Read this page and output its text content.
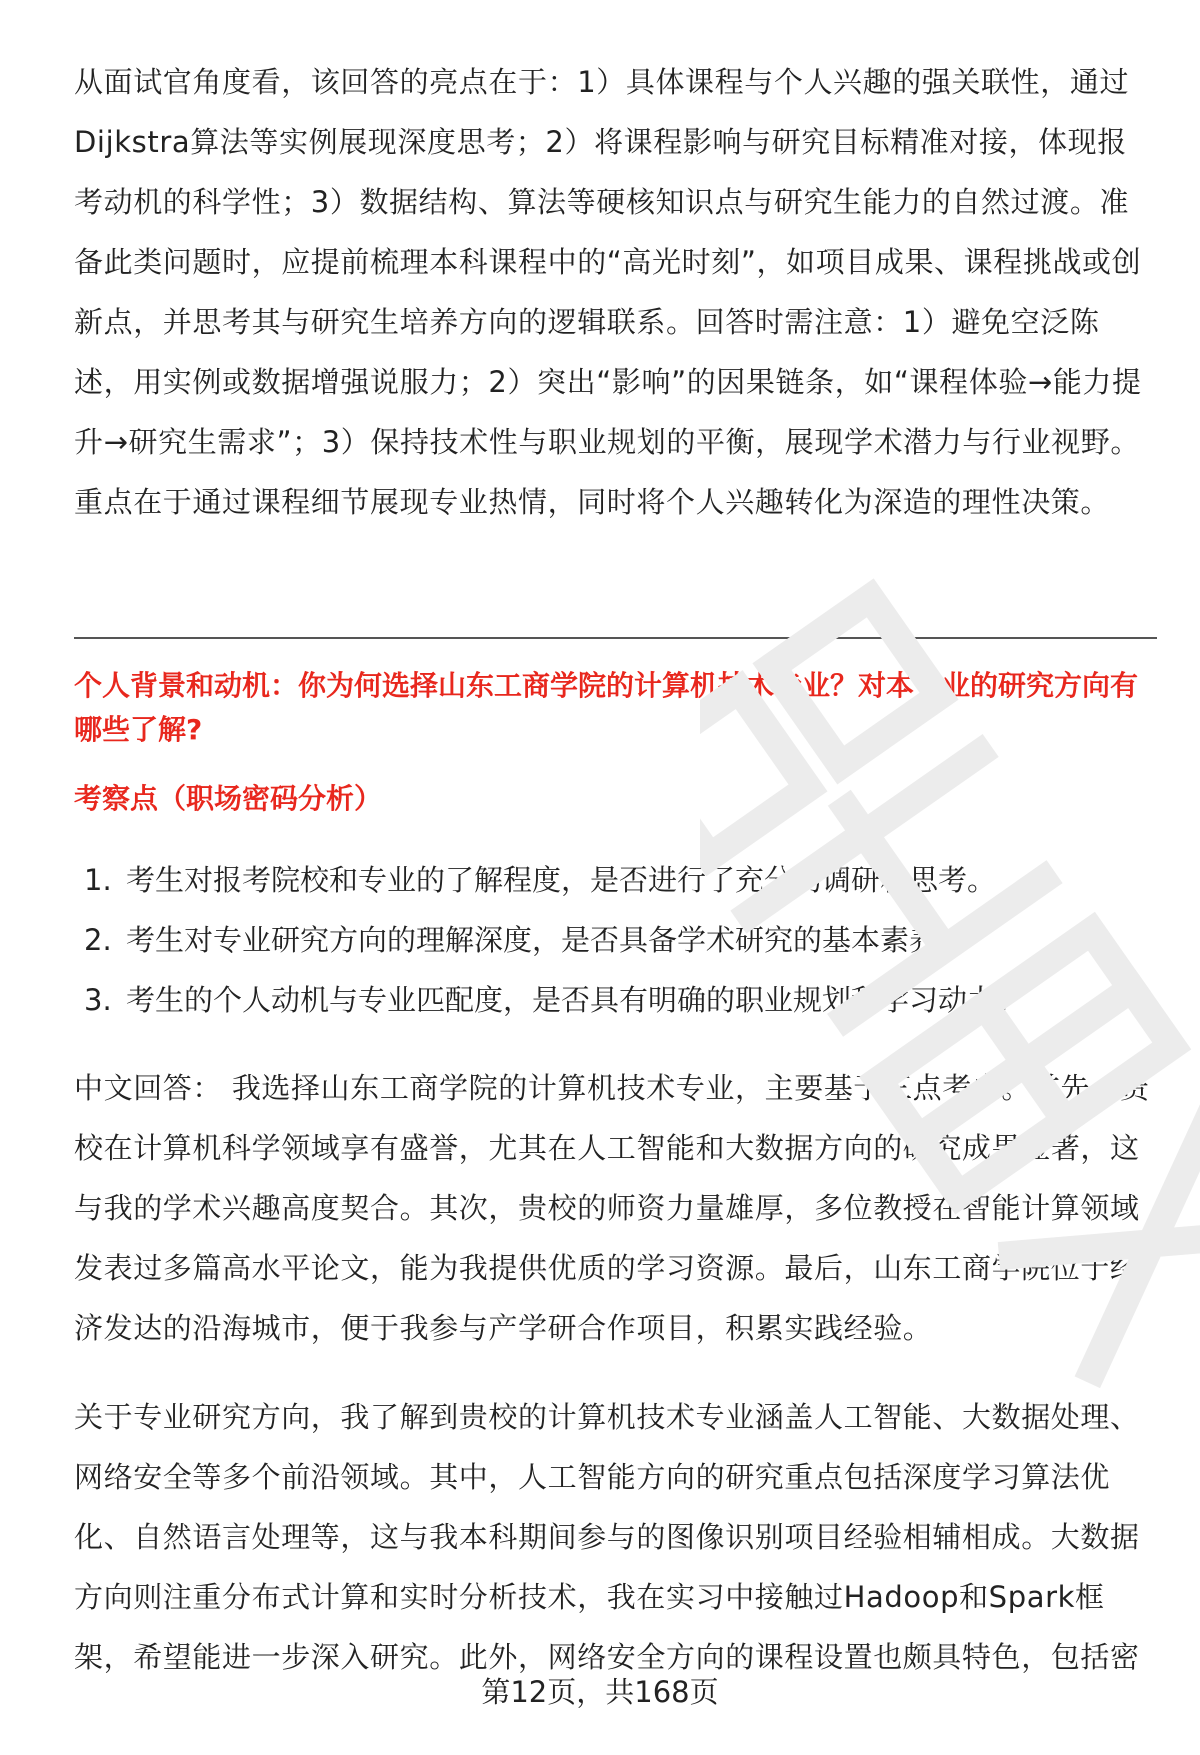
从面试官角度看，该回答的亮点在于：1）具体课程与个人兴趣的强关联性，通过Dijkstra算法等实例展现深度思考；2）将课程影响与研究目标精准对接，体现报考动机的科学性；3）数据结构、算法等硬核知识点与研究生能力的自然过渡。准备此类问题时，应提前梳理本科课程中的“高光时刻”，如项目成果、课程挑战或创新点，并思考其与研究生培养方向的逻辑联系。回答时需注意：1）避免空泛陈述，用实例或数据增强说服力；2）突出“影响”的因果链条，如“课程体验→能力提升→研究生需求”；3）保持技术性与职业规划的平衡，展现学术潜力与行业视野。重点在于通过课程细节展现专业热情，同时将个人兴趣转化为深造的理性决策。

个人背景和动机：你为何选择山东工商学院的计算机技术专业？对本专业的研究方向有哪些了解?

考察点（职场密码分析）

1. 考生对报考院校和专业的了解程度，是否进行了充分的调研和思考。
2. 考生对专业研究方向的理解深度，是否具备学术研究的基本素养。
3. 考生的个人动机与专业匹配度，是否具有明确的职业规划和学习动力。

中文回答： 我选择山东工商学院的计算机技术专业，主要基于三点考虑。首先，贵校在计算机科学领域享有盛誉，尤其在人工智能和大数据方向的研究成果显著，这与我的学术兴趣高度契合。其次，贵校的师资力量雄厚，多位教授在智能计算领域发表过多篇高水平论文，能为我提供优质的学习资源。最后，山东工商学院位于经济发达的沿海城市，便于我参与产学研合作项目，积累实践经验。

关于专业研究方向，我了解到贵校的计算机技术专业涵盖人工智能、大数据处理、网络安全等多个前沿领域。其中，人工智能方向的研究重点包括深度学习算法优化、自然语言处理等，这与我本科期间参与的图像识别项目经验相辅相成。大数据方向则注重分布式计算和实时分析技术，我在实习中接触过Hadoop和Spark框架，希望能进一步深入研究。此外，网络安全方向的课程设置也颇具特色，包括密

第12页，共168页
